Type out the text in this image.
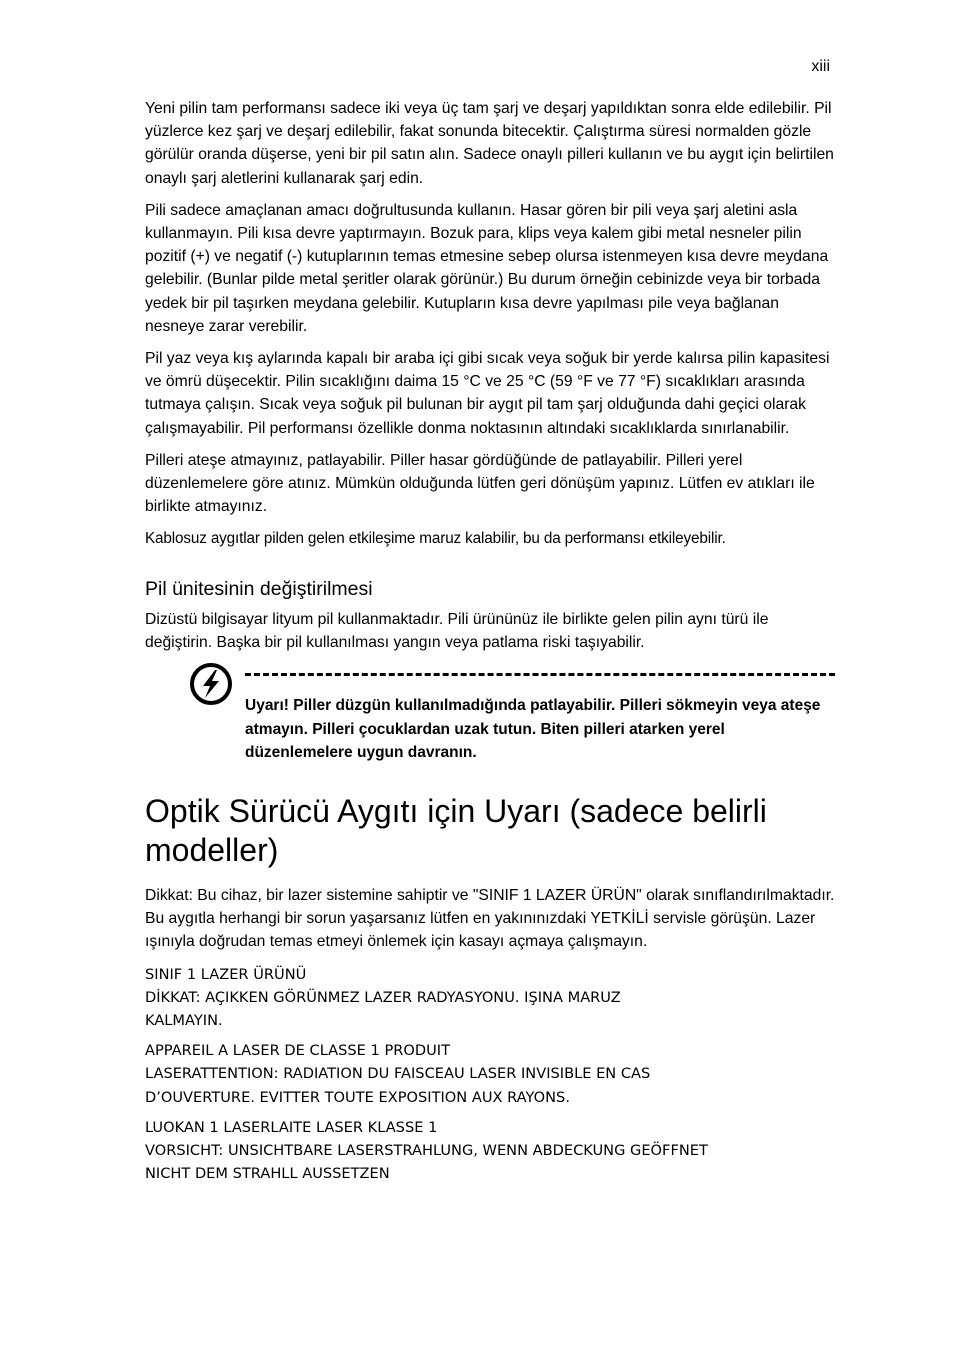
xiii

Yeni pilin tam performansı sadece iki veya üç tam şarj ve deşarj yapıldıktan sonra elde edilebilir. Pil yüzlerce kez şarj ve deşarj edilebilir, fakat sonunda bitecektir. Çalıştırma süresi normalden gözle görülür oranda düşerse, yeni bir pil satın alın. Sadece onaylı pilleri kullanın ve bu aygıt için belirtilen onaylı şarj aletlerini kullanarak şarj edin.

Pili sadece amaçlanan amacı doğrultusunda kullanın. Hasar gören bir pili veya şarj aletini asla kullanmayın. Pili kısa devre yaptırmayın. Bozuk para, klips veya kalem gibi metal nesneler pilin pozitif (+) ve negatif (-) kutuplarının temas etmesine sebep olursa istenmeyen kısa devre meydana gelebilir. (Bunlar pilde metal şeritler olarak görünür.) Bu durum örneğin cebinizde veya bir torbada yedek bir pil taşırken meydana gelebilir. Kutupların kısa devre yapılması pile veya bağlanan nesneye zarar verebilir.

Pil yaz veya kış aylarında kapalı bir araba içi gibi sıcak veya soğuk bir yerde kalırsa pilin kapasitesi ve ömrü düşecektir. Pilin sıcaklığını daima 15 °C ve 25 °C (59 °F ve 77 °F) sıcaklıkları arasında tutmaya çalışın. Sıcak veya soğuk pil bulunan bir aygıt pil tam şarj olduğunda dahi geçici olarak çalışmayabilir. Pil performansı özellikle donma noktasının altındaki sıcaklıklarda sınırlanabilir.

Pilleri ateşe atmayınız, patlayabilir. Piller hasar gördüğünde de patlayabilir. Pilleri yerel düzenlemelere göre atınız. Mümkün olduğunda lütfen geri dönüşüm yapınız. Lütfen ev atıkları ile birlikte atmayınız.

Kablosuz aygıtlar pilden gelen etkileşime maruz kalabilir, bu da performansı etkileyebilir.

Pil ünitesinin değiştirilmesi

Dizüstü bilgisayar lityum pil kullanmaktadır. Pili ürününüz ile birlikte gelen pilin aynı türü ile değiştirin. Başka bir pil kullanılması yangın veya patlama riski taşıyabilir.

Uyarı! Piller düzgün kullanılmadığında patlayabilir. Pilleri sökmeyin veya ateşe atmayın. Pilleri çocuklardan uzak tutun. Biten pilleri atarken yerel düzenlemelere uygun davranın.
Optik Sürücü Aygıtı için Uyarı (sadece belirli modeller)

Dikkat: Bu cihaz, bir lazer sistemine sahiptir ve "SINIF 1 LAZER ÜRÜN" olarak sınıflandırılmaktadır. Bu aygıtla herhangi bir sorun yaşarsanız lütfen en yakınınızdaki YETKİLİ servisle görüşün. Lazer ışınıyla doğrudan temas etmeyi önlemek için kasayı açmaya çalışmayın.

SINIF 1 LAZER ÜRÜNÜ
DİKKAT: AÇIKKEN GÖRÜNMEZ LAZER RADYASYONU. IŞINA MARUZ
KALMAYIN.
APPAREIL A LASER DE CLASSE 1 PRODUIT
LASERATTENTION: RADIATION DU FAISCEAU LASER INVISIBLE EN CAS
D’OUVERTURE. EVITTER TOUTE EXPOSITION AUX RAYONS.
LUOKAN 1 LASERLAITE LASER KLASSE 1
VORSICHT: UNSICHTBARE LASERSTRAHLUNG, WENN ABDECKUNG GEÖFFNET
NICHT DEM STRAHLL AUSSETZEN
